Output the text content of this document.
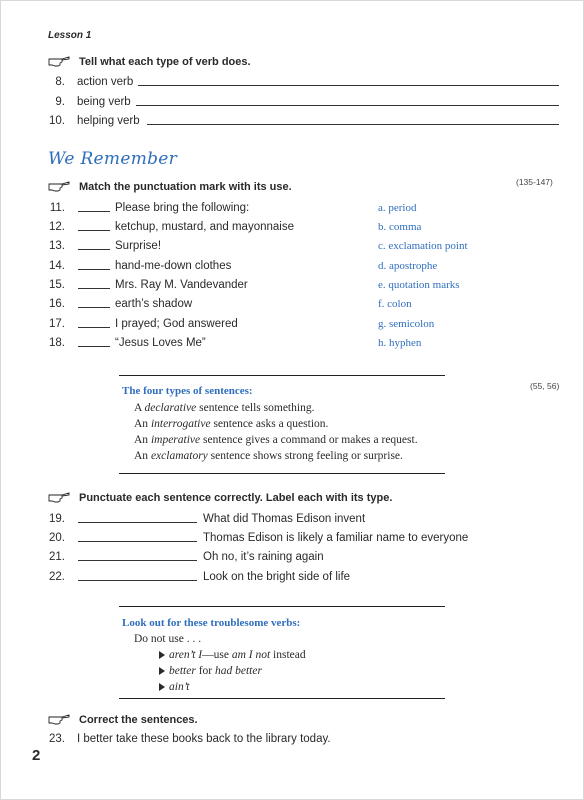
Lesson 1
Tell what each type of verb does.
8. action verb
9. being verb
10. helping verb
We Remember
Match the punctuation mark with its use.	(135-147)
11.	Please bring the following:	a. period
12.	ketchup, mustard, and mayonnaise	b. comma
13.	Surprise!	c. exclamation point
14.	hand-me-down clothes	d. apostrophe
15.	Mrs. Ray M. Vandevander	e. quotation marks
16.	earth’s shadow	f. colon
17.	I prayed; God answered	g. semicolon
18.	“Jesus Loves Me”	h. hyphen
The four types of sentences:	(55, 56)
A declarative sentence tells something.
An interrogative sentence asks a question.
An imperative sentence gives a command or makes a request.
An exclamatory sentence shows strong feeling or surprise.
Punctuate each sentence correctly. Label each with its type.
19.	What did Thomas Edison invent
20.	Thomas Edison is likely a familiar name to everyone
21.	Oh no, it’s raining again
22.	Look on the bright side of life
Look out for these troublesome verbs:
Do not use . . .
aren’t I—use am I not instead
better for had better
ain’t
Correct the sentences.
23. I better take these books back to the library today.
2
